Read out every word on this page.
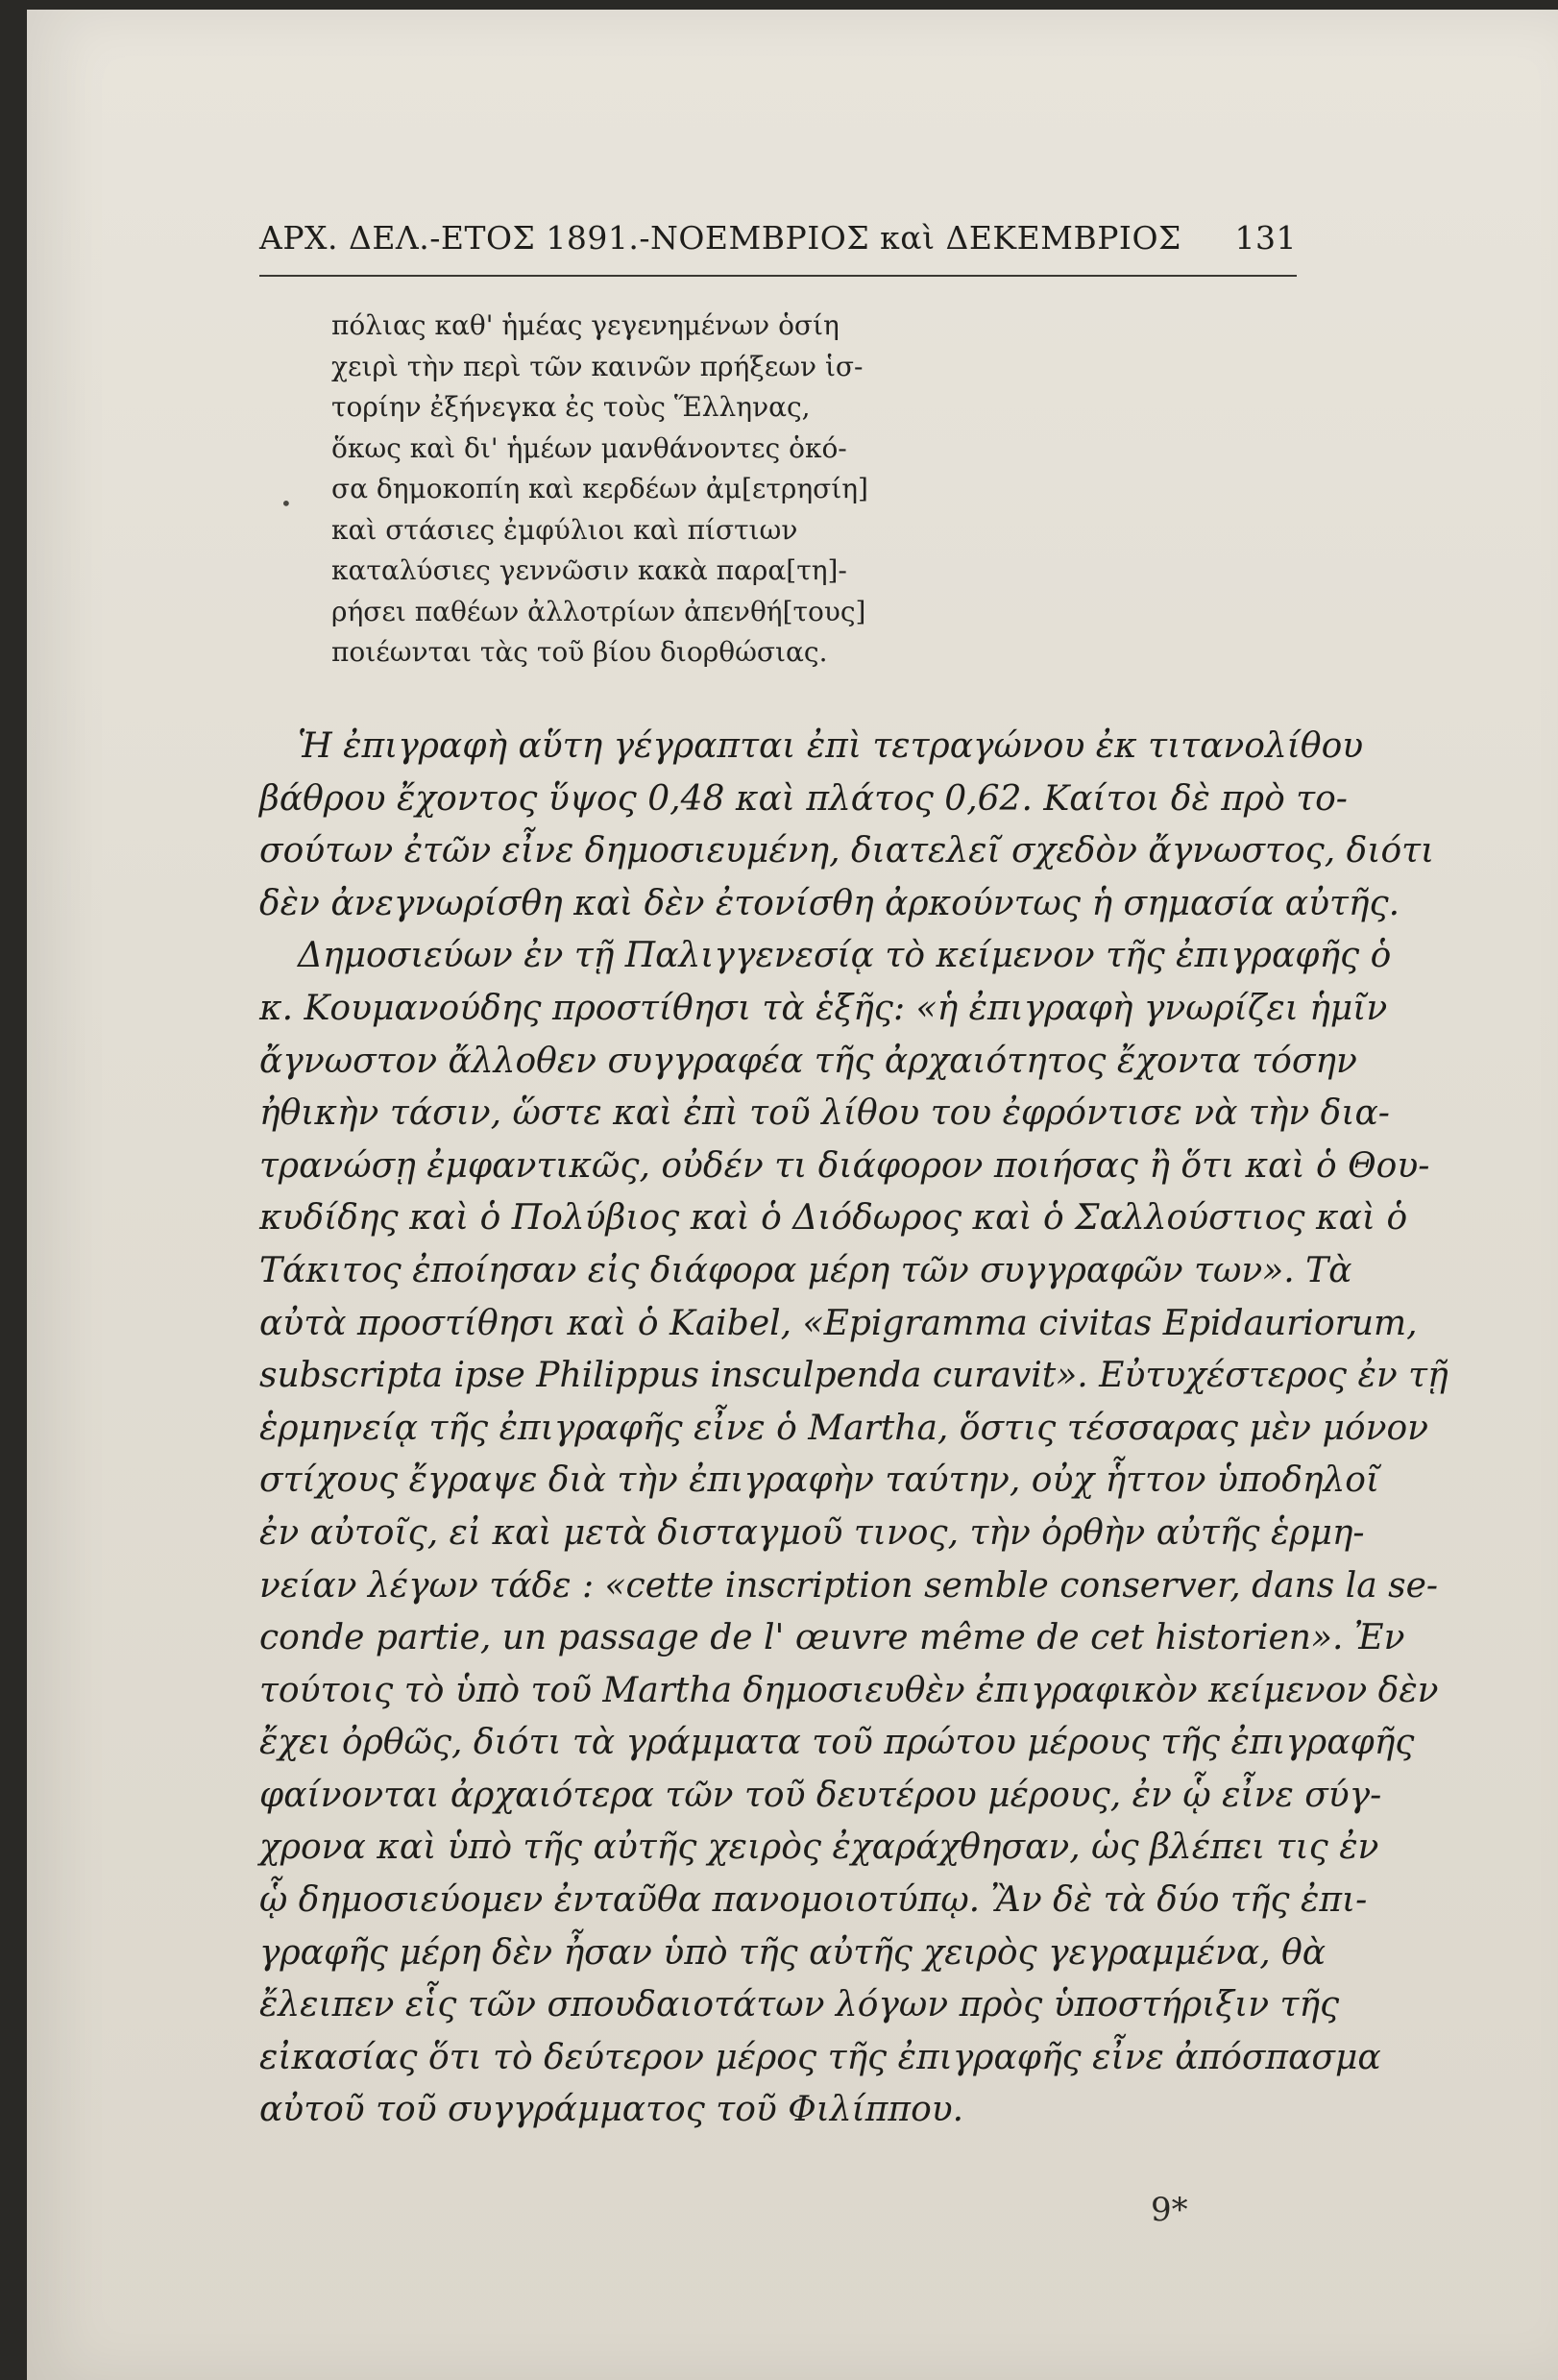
ΑΡΧ. ΔΕΛ.-ΕΤΟΣ 1891.-ΝΟΕΜΒΡΙΟΣ καὶ ΔΕΚΕΜΒΡΙΟΣ 131
•
πόλιας καθ' ἡμέας γεγενημένων ὁσίη
χειρὶ τὴν περὶ τῶν καινῶν πρήξεων ἱσ-
τορίην ἐξήνεγκα ἐς τοὺς Ἕλληνας,
ὅκως καὶ δι' ἡμέων μανθάνοντες ὁκό-
σα δημοκοπίη καὶ κερδέων ἀμ[ετρησίη]
καὶ στάσιες ἐμφύλιοι καὶ πίστιων
καταλύσιες γεννῶσιν κακὰ παρα[τη]-
ρήσει παθέων ἀλλοτρίων ἀπενθή[τους]
ποιέωνται τὰς τοῦ βίου διορθώσιας.
Ἡ ἐπιγραφὴ αὕτη γέγραπται ἐπὶ τετραγώνου ἐκ τιτανολίθου
βάθρου ἔχοντος ὕψος 0,48 καὶ πλάτος 0,62. Καίτοι δὲ πρὸ το-
σούτων ἐτῶν εἶνε δημοσιευμένη, διατελεῖ σχεδὸν ἄγνωστος, διότι
δὲν ἀνεγνωρίσθη καὶ δὲν ἐτονίσθη ἀρκούντως ἡ σημασία αὐτῆς.
Δημοσιεύων ἐν τῇ Παλιγγενεσίᾳ τὸ κείμενον τῆς ἐπιγραφῆς ὁ
κ. Κουμανούδης προστίθησι τὰ ἑξῆς: «ἡ ἐπιγραφὴ γνωρίζει ἡμῖν
ἄγνωστον ἄλλοθεν συγγραφέα τῆς ἀρχαιότητος ἔχοντα τόσην
ἠθικὴν τάσιν, ὥστε καὶ ἐπὶ τοῦ λίθου του ἐφρόντισε νὰ τὴν δια-
τρανώσῃ ἐμφαντικῶς, οὐδέν τι διάφορον ποιήσας ἢ ὅτι καὶ ὁ Θου-
κυδίδης καὶ ὁ Πολύβιος καὶ ὁ Διόδωρος καὶ ὁ Σαλλούστιος καὶ ὁ
Τάκιτος ἐποίησαν εἰς διάφορα μέρη τῶν συγγραφῶν των». Τὰ
αὐτὰ προστίθησι καὶ ὁ Kaibel, «Epigramma civitas Epidauriorum,
subscripta ipse Philippus insculpenda curavit». Εὐτυχέστερος ἐν τῇ
ἑρμηνείᾳ τῆς ἐπιγραφῆς εἶνε ὁ Martha, ὅστις τέσσαρας μὲν μόνον
στίχους ἔγραψε διὰ τὴν ἐπιγραφὴν ταύτην, οὐχ ἧττον ὑποδηλοῖ
ἐν αὐτοῖς, εἰ καὶ μετὰ δισταγμοῦ τινος, τὴν ὀρθὴν αὐτῆς ἑρμη-
νείαν λέγων τάδε : «cette inscription semble conserver, dans la se-
conde partie, un passage de l' œuvre même de cet historien». Ἐν
τούτοις τὸ ὑπὸ τοῦ Martha δημοσιευθὲν ἐπιγραφικὸν κείμενον δὲν
ἔχει ὀρθῶς, διότι τὰ γράμματα τοῦ πρώτου μέρους τῆς ἐπιγραφῆς
φαίνονται ἀρχαιότερα τῶν τοῦ δευτέρου μέρους, ἐν ᾧ εἶνε σύγ-
χρονα καὶ ὑπὸ τῆς αὐτῆς χειρὸς ἐχαράχθησαν, ὡς βλέπει τις ἐν
ᾧ δημοσιεύομεν ἐνταῦθα πανομοιοτύπῳ. Ἂν δὲ τὰ δύο τῆς ἐπι-
γραφῆς μέρη δὲν ἦσαν ὑπὸ τῆς αὐτῆς χειρὸς γεγραμμένα, θὰ
ἔλειπεν εἷς τῶν σπουδαιοτάτων λόγων πρὸς ὑποστήριξιν τῆς
εἰκασίας ὅτι τὸ δεύτερον μέρος τῆς ἐπιγραφῆς εἶνε ἀπόσπασμα
αὐτοῦ τοῦ συγγράμματος τοῦ Φιλίππου.
9*
